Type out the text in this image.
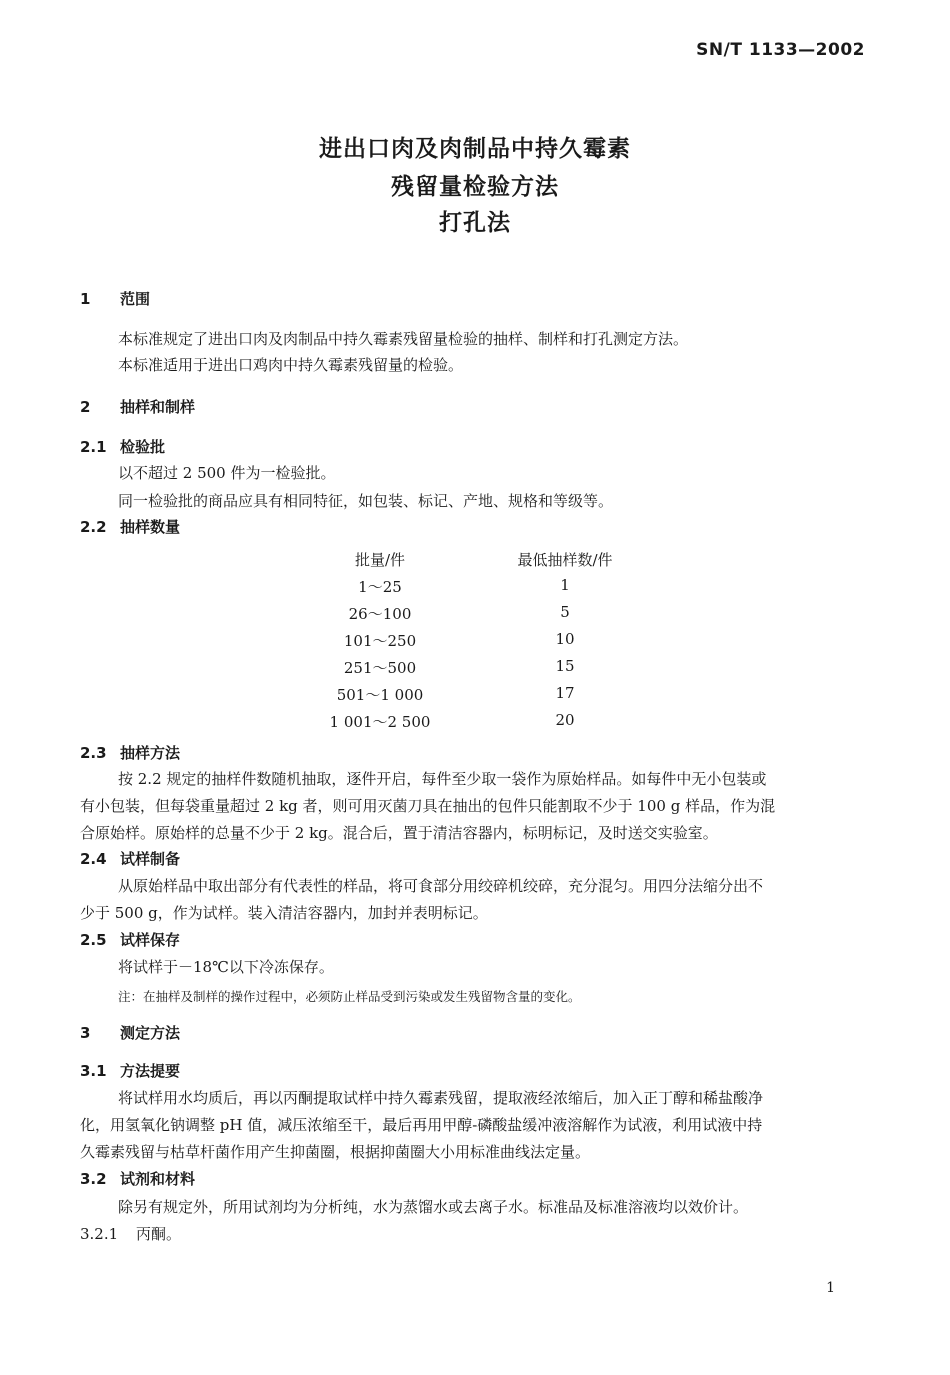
SN/T 1133—2002
进出口肉及肉制品中持久霉素
残留量检验方法
打孔法
1 范围
本标准规定了进出口肉及肉制品中持久霉素残留量检验的抽样、制样和打孔测定方法。
本标准适用于进出口鸡肉中持久霉素残留量的检验。
2 抽样和制样
2.1 检验批
以不超过 2 500 件为一检验批。
同一检验批的商品应具有相同特征，如包装、标记、产地、规格和等级等。
2.2 抽样数量
批量/件	最低抽样数/件
1～25	1
26～100	5
101～250	10
251～500	15
501～1 000	17
1 001～2 500	20
2.3 抽样方法
按 2.2 规定的抽样件数随机抽取，逐件开启，每件至少取一袋作为原始样品。如每件中无小包装或
有小包装，但每袋重量超过 2 kg 者，则可用灭菌刀具在抽出的包件只能割取不少于 100 g 样品，作为混
合原始样。原始样的总量不少于 2 kg。混合后，置于清洁容器内，标明标记，及时送交实验室。
2.4 试样制备
从原始样品中取出部分有代表性的样品，将可食部分用绞碎机绞碎，充分混匀。用四分法缩分出不
少于 500 g，作为试样。装入清洁容器内，加封并表明标记。
2.5 试样保存
将试样于－18℃以下冷冻保存。
注：在抽样及制样的操作过程中，必须防止样品受到污染或发生残留物含量的变化。
3 测定方法
3.1 方法提要
将试样用水均质后，再以丙酮提取试样中持久霉素残留，提取液经浓缩后，加入正丁醇和稀盐酸净
化，用氢氧化钠调整 pH 值，减压浓缩至干，最后再用甲醇-磷酸盐缓冲液溶解作为试液，利用试液中持
久霉素残留与枯草杆菌作用产生抑菌圈，根据抑菌圈大小用标准曲线法定量。
3.2 试剂和材料
除另有规定外，所用试剂均为分析纯，水为蒸馏水或去离子水。标准品及标准溶液均以效价计。
3.2.1 丙酮。
1
